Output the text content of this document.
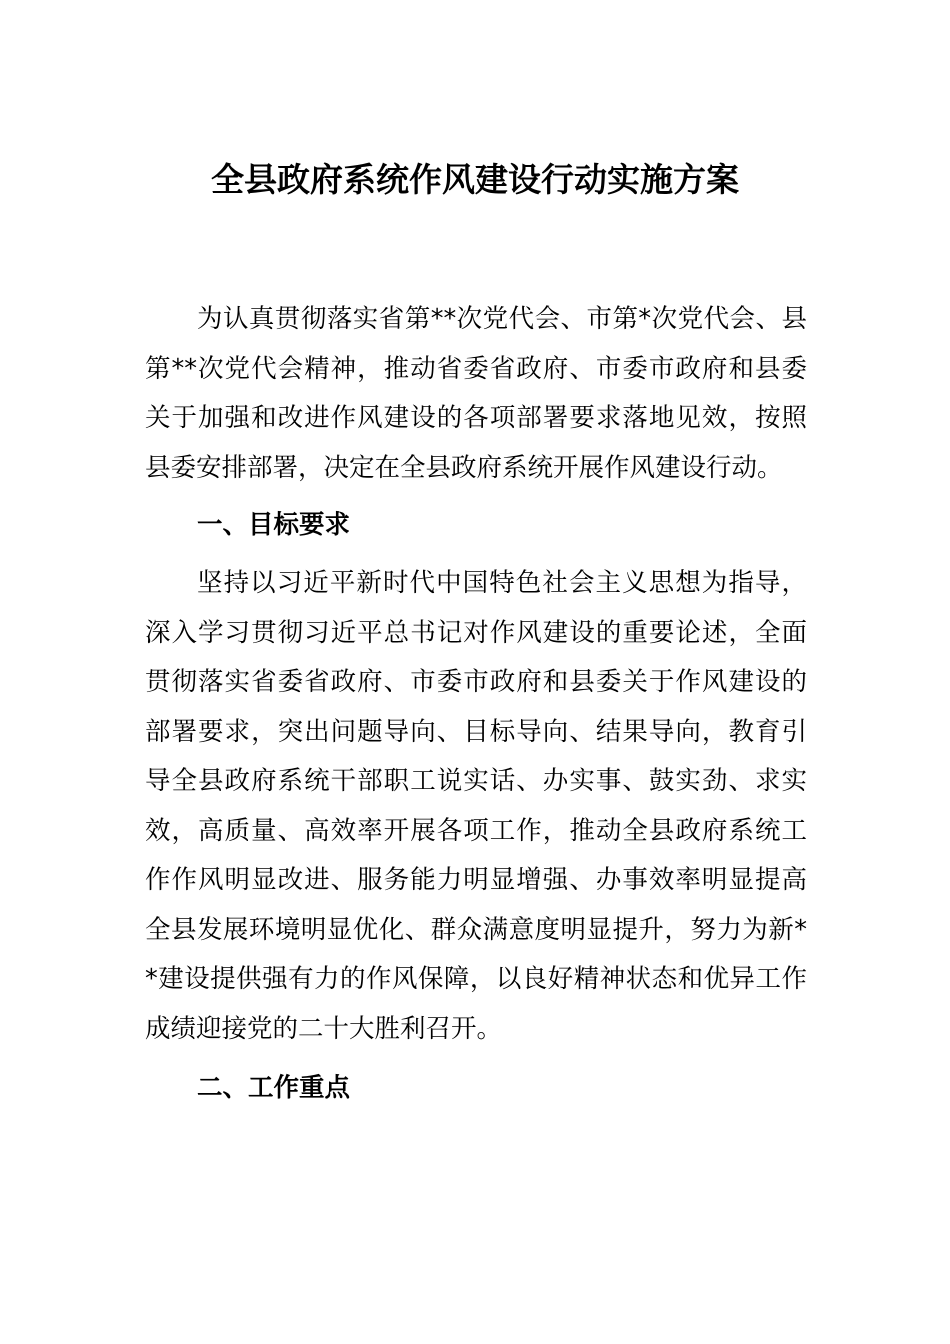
全县政府系统作风建设行动实施方案
为认真贯彻落实省第**次党代会、市第*次党代会、县
第**次党代会精神，推动省委省政府、市委市政府和县委
关于加强和改进作风建设的各项部署要求落地见效，按照
县委安排部署，决定在全县政府系统开展作风建设行动。
一、目标要求
坚持以习近平新时代中国特色社会主义思想为指导，
深入学习贯彻习近平总书记对作风建设的重要论述，全面
贯彻落实省委省政府、市委市政府和县委关于作风建设的
部署要求，突出问题导向、目标导向、结果导向，教育引
导全县政府系统干部职工说实话、办实事、鼓实劲、求实
效，高质量、高效率开展各项工作，推动全县政府系统工
作作风明显改进、服务能力明显增强、办事效率明显提高
全县发展环境明显优化、群众满意度明显提升，努力为新*
*建设提供强有力的作风保障，以良好精神状态和优异工作
成绩迎接党的二十大胜利召开。
二、工作重点
